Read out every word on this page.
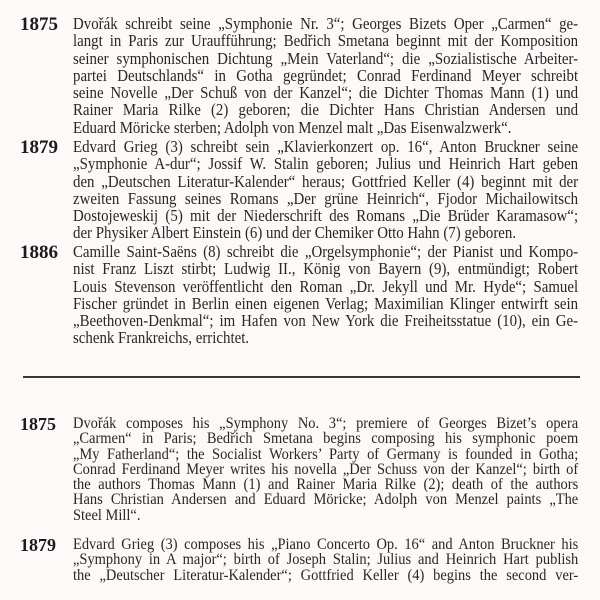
1875 Dvořák schreibt seine „Symphonie Nr. 3“; Georges Bizets Oper „Carmen“ ge-
langt in Paris zur Uraufführung; Bedřich Smetana beginnt mit der Komposition
seiner symphonischen Dichtung „Mein Vaterland“; die „Sozialistische Arbeiter-
partei Deutschlands“ in Gotha gegründet; Conrad Ferdinand Meyer schreibt
seine Novelle „Der Schuß von der Kanzel“; die Dichter Thomas Mann (1) und
Rainer Maria Rilke (2) geboren; die Dichter Hans Christian Andersen und
Eduard Möricke sterben; Adolph von Menzel malt „Das Eisenwalzwerk“.
1879 Edvard Grieg (3) schreibt sein „Klavierkonzert op. 16“, Anton Bruckner seine
„Symphonie A-dur“; Jossif W. Stalin geboren; Julius und Heinrich Hart geben
den „Deutschen Literatur-Kalender“ heraus; Gottfried Keller (4) beginnt mit der
zweiten Fassung seines Romans „Der grüne Heinrich“, Fjodor Michailowitsch
Dostojeweskij (5) mit der Niederschrift des Romans „Die Brüder Karamasow“;
der Physiker Albert Einstein (6) und der Chemiker Otto Hahn (7) geboren.
1886 Camille Saint-Saëns (8) schreibt die „Orgelsymphonie“; der Pianist und Kompo-
nist Franz Liszt stirbt; Ludwig II., König von Bayern (9), entmündigt; Robert
Louis Stevenson veröffentlicht den Roman „Dr. Jekyll und Mr. Hyde“; Samuel
Fischer gründet in Berlin einen eigenen Verlag; Maximilian Klinger entwirft sein
„Beethoven-Denkmal“; im Hafen von New York die Freiheitsstatue (10), ein Ge-
schenk Frankreichs, errichtet.
1875 Dvořák composes his „Symphony No. 3“; premiere of Georges Bizet’s opera
„Carmen“ in Paris; Bedřich Smetana begins composing his symphonic poem
„My Fatherland“; the Socialist Workers’ Party of Germany is founded in Gotha;
Conrad Ferdinand Meyer writes his novella „Der Schuss von der Kanzel“; birth of
the authors Thomas Mann (1) and Rainer Maria Rilke (2); death of the authors
Hans Christian Andersen and Eduard Möricke; Adolph von Menzel paints „The
Steel Mill“.
1879 Edvard Grieg (3) composes his „Piano Concerto Op. 16“ and Anton Bruckner his
„Symphony in A major“; birth of Joseph Stalin; Julius and Heinrich Hart publish
the „Deutscher Literatur-Kalender“; Gottfried Keller (4) begins the second ver-
